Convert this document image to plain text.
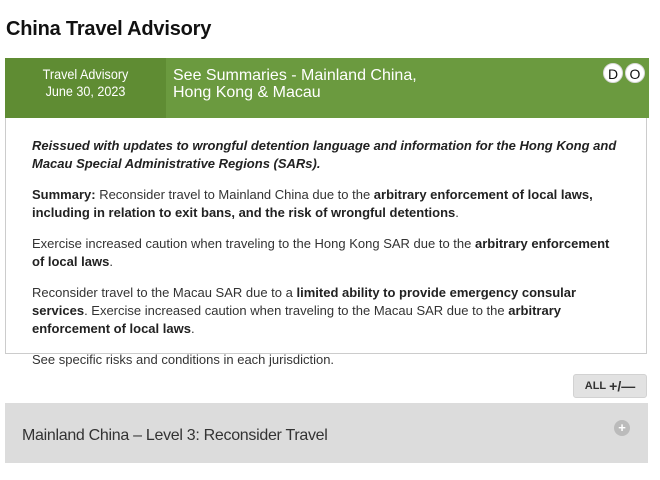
China Travel Advisory
Travel Advisory
June 30, 2023
See Summaries - Mainland China, Hong Kong & Macau
D O

Reissued with updates to wrongful detention language and information for the Hong Kong and Macau Special Administrative Regions (SARs).

Summary: Reconsider travel to Mainland China due to the arbitrary enforcement of local laws, including in relation to exit bans, and the risk of wrongful detentions.

Exercise increased caution when traveling to the Hong Kong SAR due to the arbitrary enforcement of local laws.

Reconsider travel to the Macau SAR due to a limited ability to provide emergency consular services. Exercise increased caution when traveling to the Macau SAR due to the arbitrary enforcement of local laws.

See specific risks and conditions in each jurisdiction.

ALL +/—
Mainland China – Level 3: Reconsider Travel	+
